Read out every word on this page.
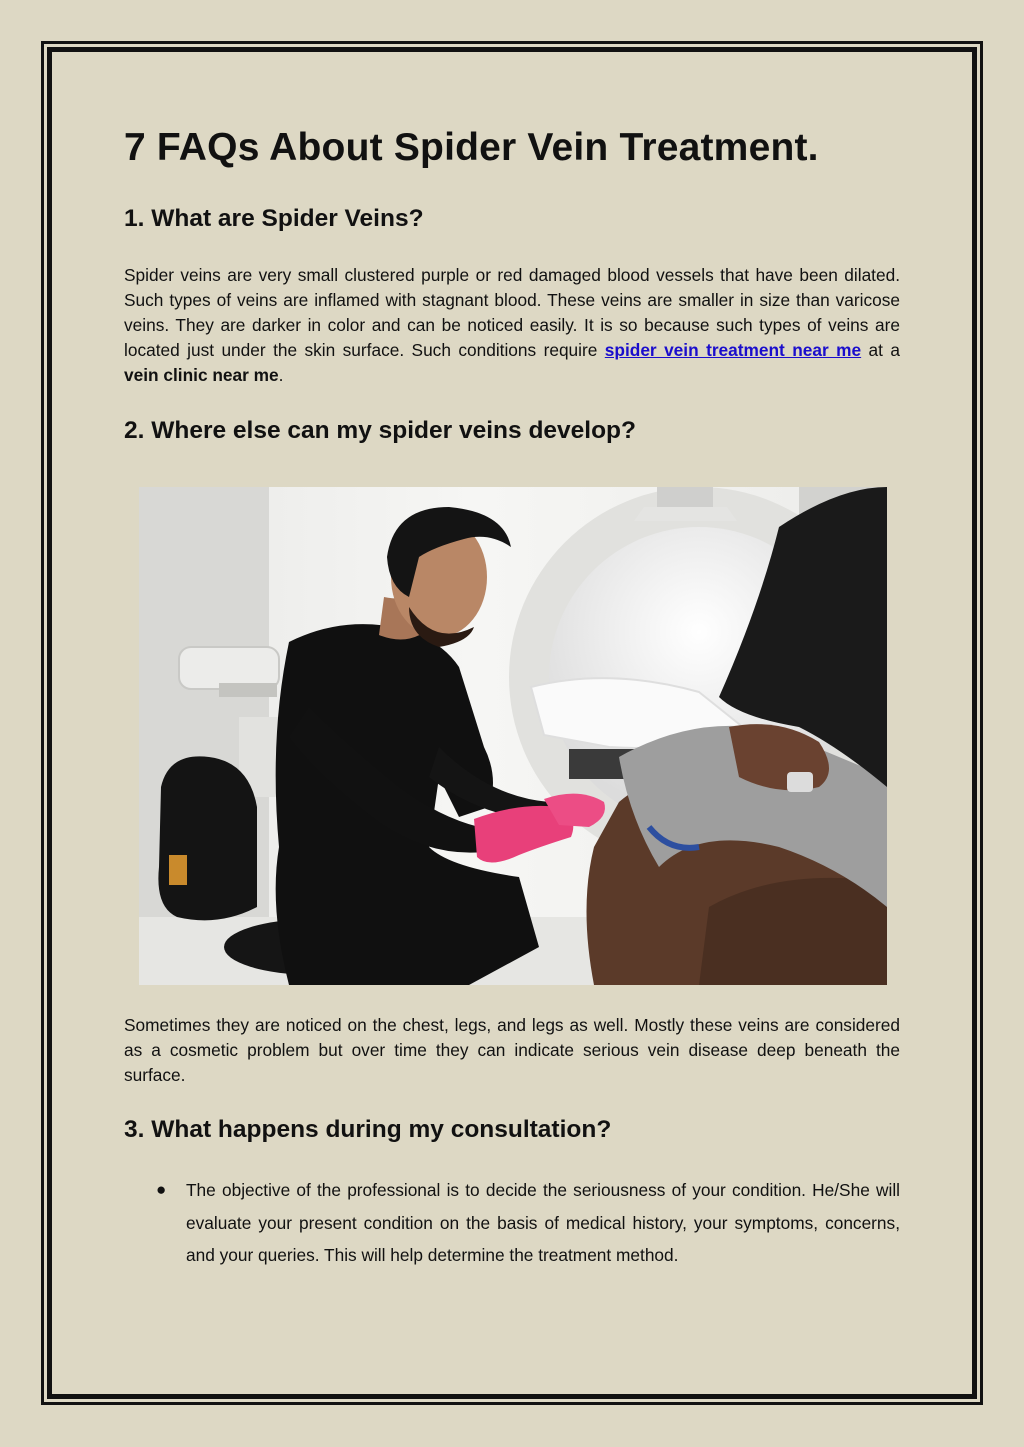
7 FAQs About Spider Vein Treatment.
1. What are Spider Veins?

Spider veins are very small clustered purple or red damaged blood vessels that have been dilated. Such types of veins are inflamed with stagnant blood. These veins are smaller in size than varicose veins. They are darker in color and can be noticed easily. It is so because such types of veins are located just under the skin surface. Such conditions require spider vein treatment near me at a vein clinic near me.

2. Where else can my spider veins develop?

Sometimes they are noticed on the chest, legs, and legs as well. Mostly these veins are considered as a cosmetic problem but over time they can indicate serious vein disease deep beneath the surface.

3. What happens during my consultation?
● The objective of the professional is to decide the seriousness of your condition. He/She will evaluate your present condition on the basis of medical history, your symptoms, concerns, and your queries. This will help determine the treatment method.
